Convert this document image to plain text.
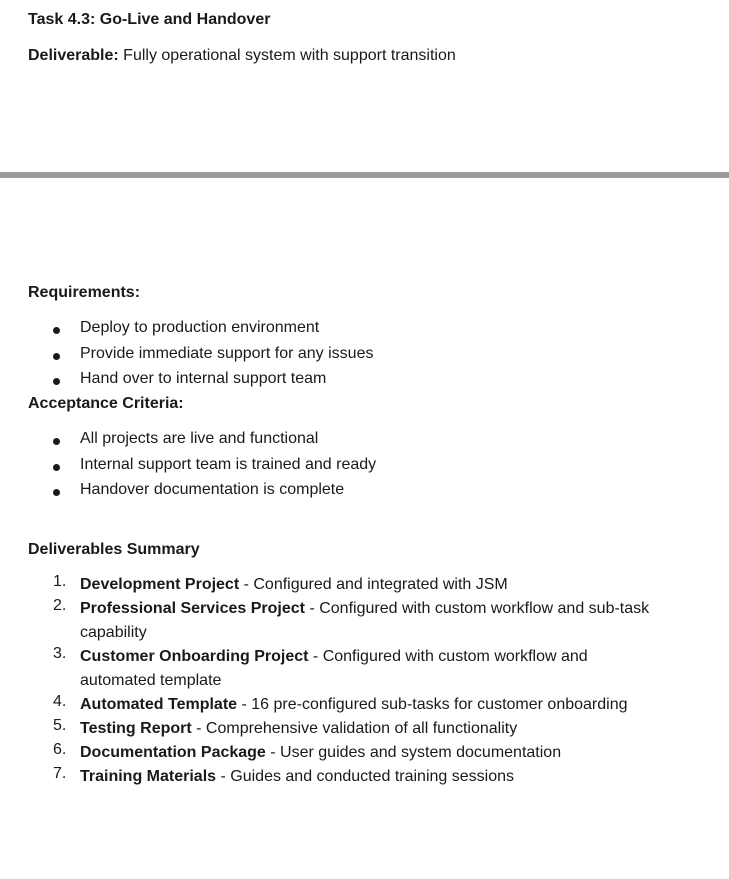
Task 4.3: Go-Live and Handover

Deliverable: Fully operational system with support transition

Requirements:

Deploy to production environment
Provide immediate support for any issues
Hand over to internal support team

Acceptance Criteria:

All projects are live and functional
Internal support team is trained and ready
Handover documentation is complete

Deliverables Summary

1. Development Project - Configured and integrated with JSM
2. Professional Services Project - Configured with custom workflow and sub-task capability
3. Customer Onboarding Project - Configured with custom workflow and automated template
4. Automated Template - 16 pre-configured sub-tasks for customer onboarding
5. Testing Report - Comprehensive validation of all functionality
6. Documentation Package - User guides and system documentation
7. Training Materials - Guides and conducted training sessions
